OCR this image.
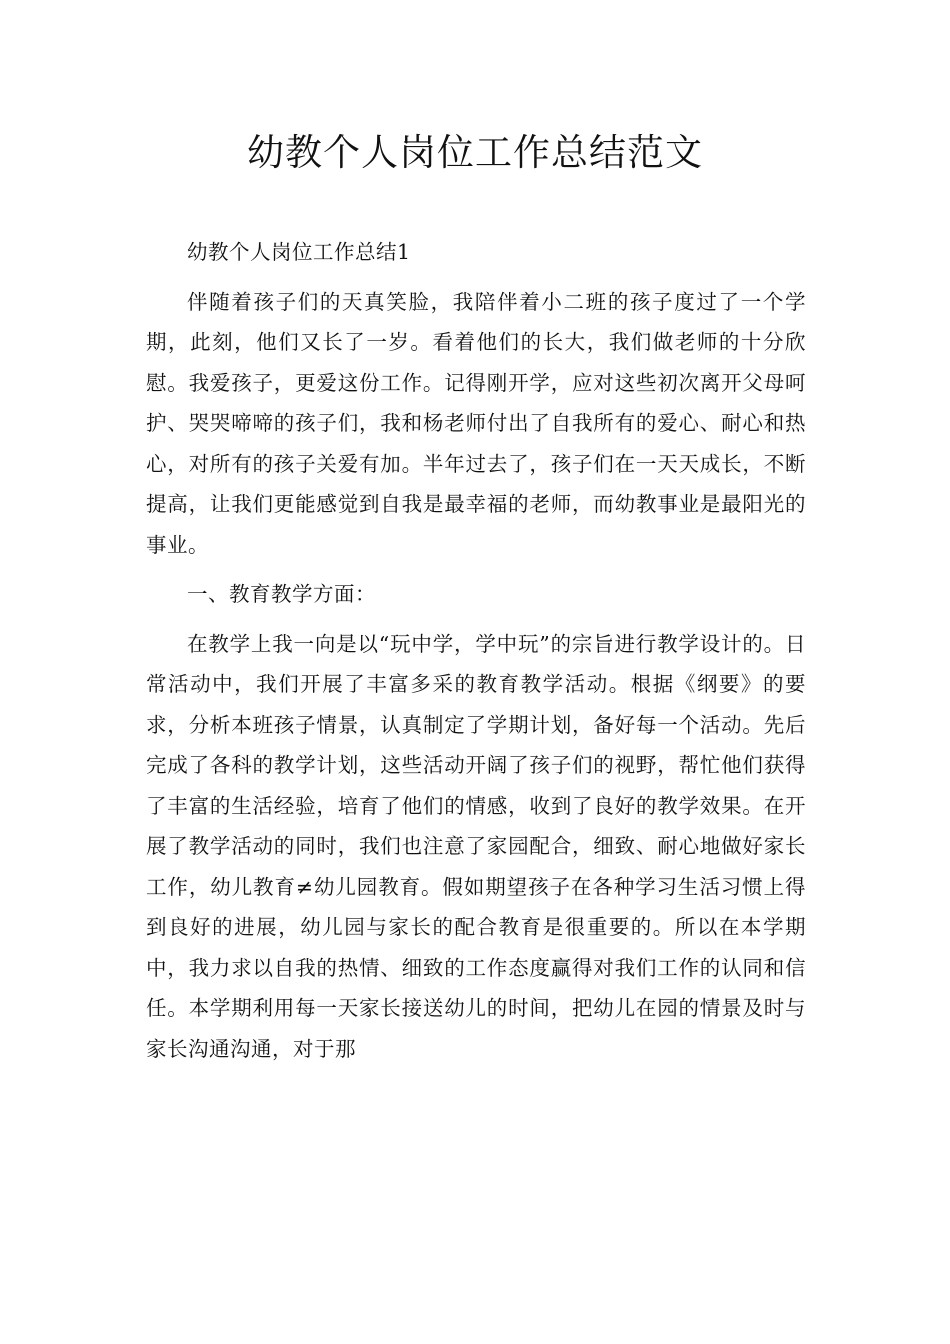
幼教个人岗位工作总结范文

幼教个人岗位工作总结1

伴随着孩子们的天真笑脸，我陪伴着小二班的孩子度过了一个学期，此刻，他们又长了一岁。看着他们的长大，我们做老师的十分欣慰。我爱孩子，更爱这份工作。记得刚开学，应对这些初次离开父母呵护、哭哭啼啼的孩子们，我和杨老师付出了自我所有的爱心、耐心和热心，对所有的孩子关爱有加。半年过去了，孩子们在一天天成长，不断提高，让我们更能感觉到自我是最幸福的老师，而幼教事业是最阳光的事业。

一、教育教学方面：

在教学上我一向是以“玩中学，学中玩”的宗旨进行教学设计的。日常活动中，我们开展了丰富多采的教育教学活动。根据《纲要》的要求，分析本班孩子情景，认真制定了学期计划，备好每一个活动。先后完成了各科的教学计划，这些活动开阔了孩子们的视野，帮忙他们获得了丰富的生活经验，培育了他们的情感，收到了良好的教学效果。在开展了教学活动的同时，我们也注意了家园配合，细致、耐心地做好家长工作，幼儿教育≠幼儿园教育。假如期望孩子在各种学习生活习惯上得到良好的进展，幼儿园与家长的配合教育是很重要的。所以在本学期中，我力求以自我的热情、细致的工作态度赢得对我们工作的认同和信任。本学期利用每一天家长接送幼儿的时间，把幼儿在园的情景及时与家长沟通沟通，对于那
